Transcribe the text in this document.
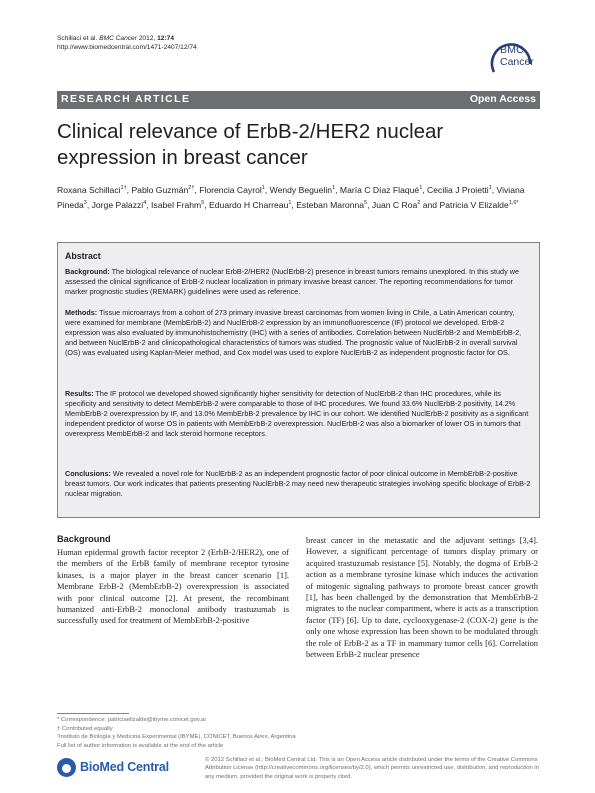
Schillaci et al. BMC Cancer 2012, 12:74
http://www.biomedcentral.com/1471-2407/12/74	BMC
Cancer
RESEARCH ARTICLE	Open Access
Clinical relevance of ErbB-2/HER2 nuclear
expression in breast cancer
Roxana Schillaci$^{1\dagger}$, Pablo Guzmán$^{2\dagger}$, Florencia Cayrol$^1$, Wendy Beguelin$^1$, María C Díaz Flaqué$^1$, Cecilia J Proietti$^1$, Viviana Pineda$^3$, Jorge Palazzi$^4$, Isabel Frahm$^5$, Eduardo H Charreau$^1$, Esteban Maronna$^5$, Juan C Roa$^2$ and Patricia V Elizalde$^{1,6*}$
Abstract

Background: The biological relevance of nuclear ErbB-2/HER2 (NuclErbB-2) presence in breast tumors remains unexplored. In this study we assessed the clinical significance of ErbB-2 nuclear localization in primary invasive breast cancer. The reporting recommendations for tumor marker prognostic studies (REMARK) guidelines were used as reference.

Methods: Tissue microarrays from a cohort of 273 primary invasive breast carcinomas from women living in Chile, a Latin American country, were examined for membrane (MembErbB-2) and NuclErbB-2 expression by an immunofluorescence (IF) protocol we developed. ErbB-2 expression was also evaluated by immunohistochemistry (IHC) with a series of antibodies. Correlation between NuclErbB-2 and MembErbB-2, and between NuclErbB-2 and clinicopathological characteristics of tumors was studied. The prognostic value of NuclErbB-2 in overall survival (OS) was evaluated using Kaplan-Meier method, and Cox model was used to explore NuclErbB-2 as independent prognostic factor for OS.

Results: The IF protocol we developed showed significantly higher sensitivity for detection of NuclErbB-2 than IHC procedures, while its specificity and sensitivity to detect MembErbB-2 were comparable to those of IHC procedures. We found 33.6% NuclErbB-2 positivity, 14.2% MembErbB-2 overexpression by IF, and 13.0% MembErbB-2 prevalence by IHC in our cohort. We identified NuclErbB-2 positivity as a significant independent predictor of worse OS in patients with MembErbB-2 overexpression. NuclErbB-2 was also a biomarker of lower OS in tumors that overexpress MembErbB-2 and lack steroid hormone receptors.

Conclusions: We revealed a novel role for NuclErbB-2 as an independent prognostic factor of poor clinical outcome in MembErbB-2-positive breast tumors. Our work indicates that patients presenting NuclErbB-2 may need new therapeutic strategies involving specific blockage of ErbB-2 nuclear migration.

Background
Human epidermal growth factor receptor 2 (ErbB-2/HER2), one of the members of the ErbB family of membrane receptor tyrosine kinases, is a major player in the breast cancer scenario [1]. Membrane ErbB-2 (MembErbB-2) overexpression is associated with poor clinical outcome [2]. At present, the recombinant humanized anti-ErbB-2 monoclonal antibody trastuzumab is successfully used for treatment of MembErbB-2-positive
breast cancer in the metastatic and the adjuvant settings [3,4]. However, a significant percentage of tumors display primary or acquired trastuzumab resistance [5]. Notably, the dogma of ErbB-2 action as a membrane tyrosine kinase which induces the activation of mitogenic signaling pathways to promote breast cancer growth [1], has been challenged by the demonstration that MembErbB-2 migrates to the nuclear compartment, where it acts as a transcription factor (TF) [6]. Up to date, cyclooxygenase-2 (COX-2) gene is the only one whose expression has been shown to be modulated through the role of ErbB-2 as a TF in mammary tumor cells [6]. Correlation between ErbB-2 nuclear presence
* Correspondence: patriciaelizalde@ibyme.conicet.gov.ar
† Contributed equally
¹Instituto de Biología y Medicina Experimental (IBYME), CONICET, Buenos Aires, Argentina
Full list of author information is available at the end of the article
BioMed Central	© 2012 Schillaci et al.; BioMed Central Ltd. This is an Open Access article distributed under the terms of the Creative Commons Attribution License (http://creativecommons.org/licenses/by/2.0), which permits unrestricted use, distribution, and reproduction in any medium, provided the original work is properly cited.
